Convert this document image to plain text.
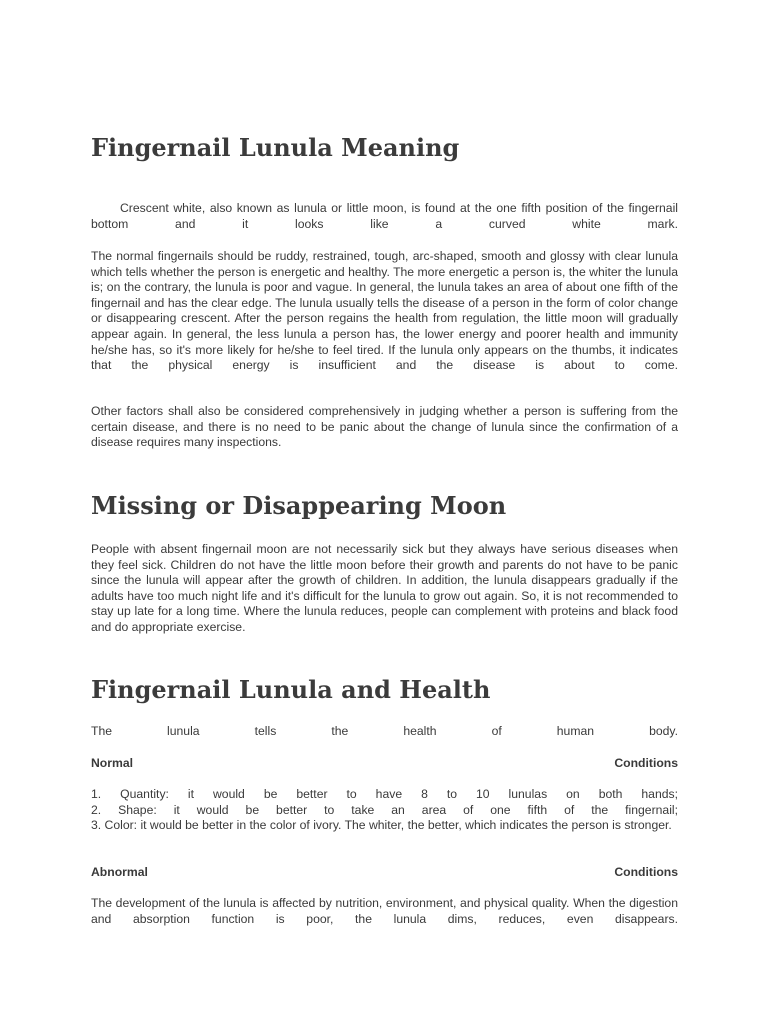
Fingernail Lunula Meaning

Crescent white, also known as lunula or little moon, is found at the one fifth position of the fingernail bottom and it looks like a curved white mark.

The normal fingernails should be ruddy, restrained, tough, arc-shaped, smooth and glossy with clear lunula which tells whether the person is energetic and healthy. The more energetic a person is, the whiter the lunula is; on the contrary, the lunula is poor and vague. In general, the lunula takes an area of about one fifth of the fingernail and has the clear edge. The lunula usually tells the disease of a person in the form of color change or disappearing crescent. After the person regains the health from regulation, the little moon will gradually appear again. In general, the less lunula a person has, the lower energy and poorer health and immunity he/she has, so it's more likely for he/she to feel tired. If the lunula only appears on the thumbs, it indicates that the physical energy is insufficient and the disease is about to come.

Other factors shall also be considered comprehensively in judging whether a person is suffering from the certain disease, and there is no need to be panic about the change of lunula since the confirmation of a disease requires many inspections.

Missing or Disappearing Moon

People with absent fingernail moon are not necessarily sick but they always have serious diseases when they feel sick. Children do not have the little moon before their growth and parents do not have to be panic since the lunula will appear after the growth of children. In addition, the lunula disappears gradually if the adults have too much night life and it's difficult for the lunula to grow out again. So, it is not recommended to stay up late for a long time. Where the lunula reduces, people can complement with proteins and black food and do appropriate exercise.

Fingernail Lunula and Health

The lunula tells the health of human body.

Normal	Conditions
1. Quantity: it would be better to have 8 to 10 lunulas on both hands;
2. Shape: it would be better to take an area of one fifth of the fingernail;
3. Color: it would be better in the color of ivory. The whiter, the better, which indicates the person is stronger.
Abnormal	Conditions

The development of the lunula is affected by nutrition, environment, and physical quality. When the digestion and absorption function is poor, the lunula dims, reduces, even disappears.
